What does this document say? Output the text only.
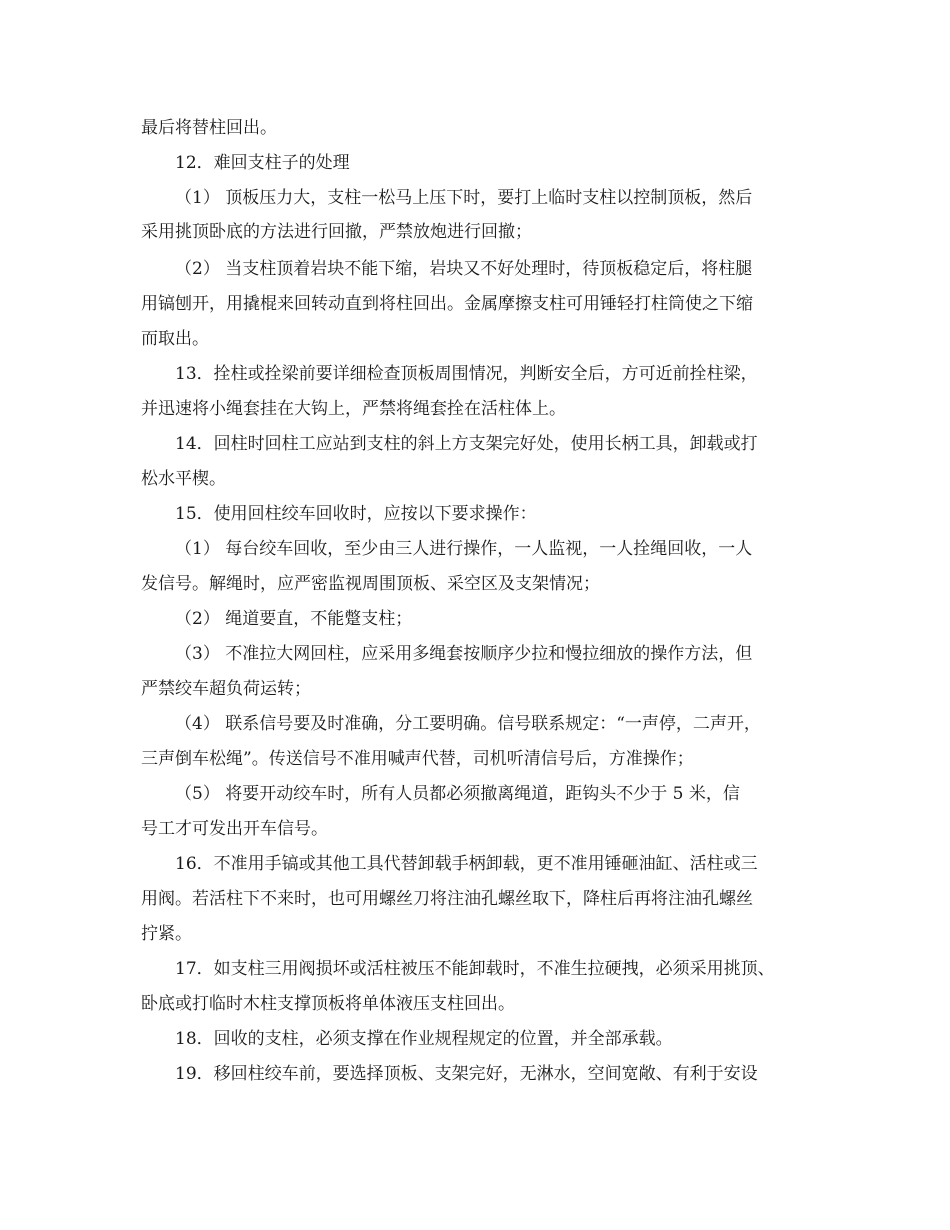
最后将替柱回出。
12．难回支柱子的处理
（1） 顶板压力大，支柱一松马上压下时，要打上临时支柱以控制顶板，然后
采用挑顶卧底的方法进行回撤，严禁放炮进行回撤；
（2） 当支柱顶着岩块不能下缩，岩块又不好处理时，待顶板稳定后，将柱腿
用镐刨开，用撬棍来回转动直到将柱回出。金属摩擦支柱可用锤轻打柱筒使之下缩
而取出。
13．拴柱或拴梁前要详细检查顶板周围情况，判断安全后，方可近前拴柱梁，
并迅速将小绳套挂在大钩上，严禁将绳套拴在活柱体上。
14．回柱时回柱工应站到支柱的斜上方支架完好处，使用长柄工具，卸载或打
松水平楔。
15．使用回柱绞车回收时，应按以下要求操作：
（1） 每台绞车回收，至少由三人进行操作，一人监视，一人拴绳回收，一人
发信号。解绳时，应严密监视周围顶板、采空区及支架情况；
（2） 绳道要直，不能蹩支柱；
（3） 不准拉大网回柱，应采用多绳套按顺序少拉和慢拉细放的操作方法，但
严禁绞车超负荷运转；
（4） 联系信号要及时准确，分工要明确。信号联系规定：“一声停，二声开，
三声倒车松绳”。传送信号不准用喊声代替，司机听清信号后，方准操作；
（5） 将要开动绞车时，所有人员都必须撤离绳道，距钩头不少于 5 米，信
号工才可发出开车信号。
16．不准用手镐或其他工具代替卸载手柄卸载，更不准用锤砸油缸、活柱或三
用阀。若活柱下不来时，也可用螺丝刀将注油孔螺丝取下，降柱后再将注油孔螺丝
拧紧。
17．如支柱三用阀损坏或活柱被压不能卸载时，不准生拉硬拽，必须采用挑顶、
卧底或打临时木柱支撑顶板将单体液压支柱回出。
18．回收的支柱，必须支撑在作业规程规定的位置，并全部承载。
19．移回柱绞车前，要选择顶板、支架完好，无淋水，空间宽敞、有利于安设
